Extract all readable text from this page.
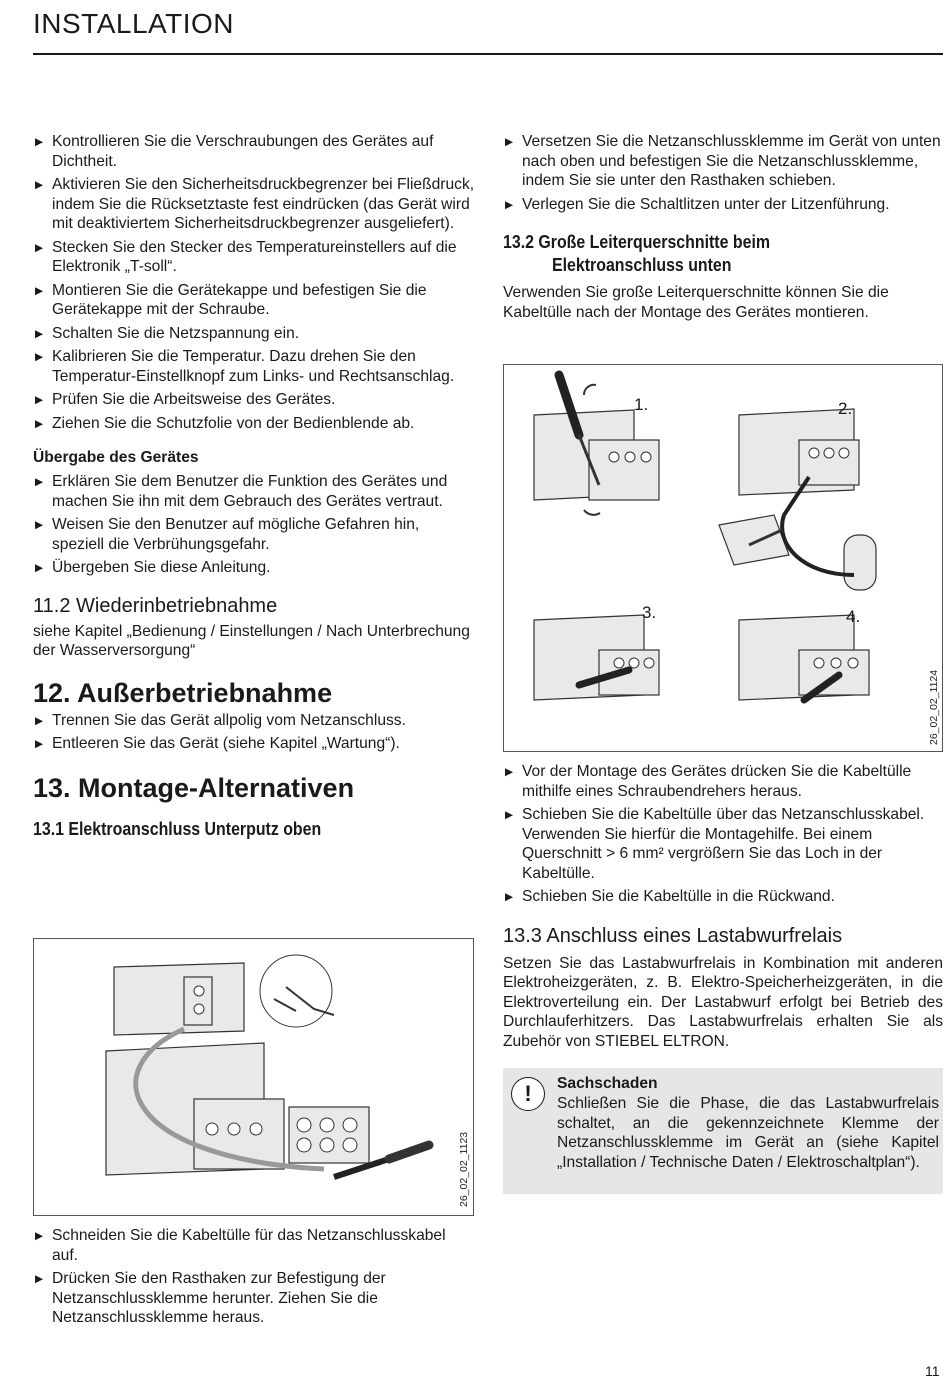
INSTALLATION
▶ Kontrollieren Sie die Verschraubungen des Gerätes auf Dichtheit.
▶ Aktivieren Sie den Sicherheitsdruckbegrenzer bei Fließdruck, indem Sie die Rücksetztaste fest eindrücken (das Gerät wird mit deaktiviertem Sicherheitsdruckbegrenzer ausgeliefert).
▶ Stecken Sie den Stecker des Temperatureinstellers auf die Elektronik „T-soll“.
▶ Montieren Sie die Gerätekappe und befestigen Sie die Gerätekappe mit der Schraube.
▶ Schalten Sie die Netzspannung ein.
▶ Kalibrieren Sie die Temperatur. Dazu drehen Sie den Temperatur-Einstellknopf zum Links- und Rechtsanschlag.
▶ Prüfen Sie die Arbeitsweise des Gerätes.
▶ Ziehen Sie die Schutzfolie von der Bedienblende ab.
Übergabe des Gerätes
▶ Erklären Sie dem Benutzer die Funktion des Gerätes und machen Sie ihn mit dem Gebrauch des Gerätes vertraut.
▶ Weisen Sie den Benutzer auf mögliche Gefahren hin, speziell die Verbrühungsgefahr.
▶ Übergeben Sie diese Anleitung.
11.2 Wiederinbetriebnahme
siehe Kapitel „Bedienung / Einstellungen / Nach Unterbrechung der Wasserversorgung“
12. Außerbetriebnahme
▶ Trennen Sie das Gerät allpolig vom Netzanschluss.
▶ Entleeren Sie das Gerät (siehe Kapitel „Wartung“).
13. Montage-Alternativen
13.1 Elektroanschluss Unterputz oben
26_02_02_1123
▶ Schneiden Sie die Kabeltülle für das Netzanschlusskabel auf.
▶ Drücken Sie den Rasthaken zur Befestigung der Netzanschlussklemme herunter. Ziehen Sie die Netzanschlussklemme heraus.
▶ Versetzen Sie die Netzanschlussklemme im Gerät von unten nach oben und befestigen Sie die Netzanschlussklemme, indem Sie sie unter den Rasthaken schieben.
▶ Verlegen Sie die Schaltlitzen unter der Litzenführung.
13.2 Große Leiterquerschnitte beim
Elektroanschluss unten
Verwenden Sie große Leiterquerschnitte können Sie die Kabeltülle nach der Montage des Gerätes montieren.
1.	2.
3.	4.
26_02_02_1124
▶ Vor der Montage des Gerätes drücken Sie die Kabeltülle mithilfe eines Schraubendrehers heraus.
▶ Schieben Sie die Kabeltülle über das Netzanschlusskabel. Verwenden Sie hierfür die Montagehilfe. Bei einem Querschnitt > 6 mm² vergrößern Sie das Loch in der Kabeltülle.
▶ Schieben Sie die Kabeltülle in die Rückwand.
13.3 Anschluss eines Lastabwurfrelais
Setzen Sie das Lastabwurfrelais in Kombination mit anderen Elektroheizgeräten, z. B. Elektro-Speicherheizgeräten, in die Elektroverteilung ein. Der Lastabwurf erfolgt bei Betrieb des Durchlauferhitzers. Das Lastabwurfrelais erhalten Sie als Zubehör von STIEBEL ELTRON.
!	Sachschaden
Schließen Sie die Phase, die das Lastabwurfrelais schaltet, an die gekennzeichnete Klemme der Netzanschlussklemme im Gerät an (siehe Kapitel „Installation / Technische Daten / Elektroschaltplan“).
11
